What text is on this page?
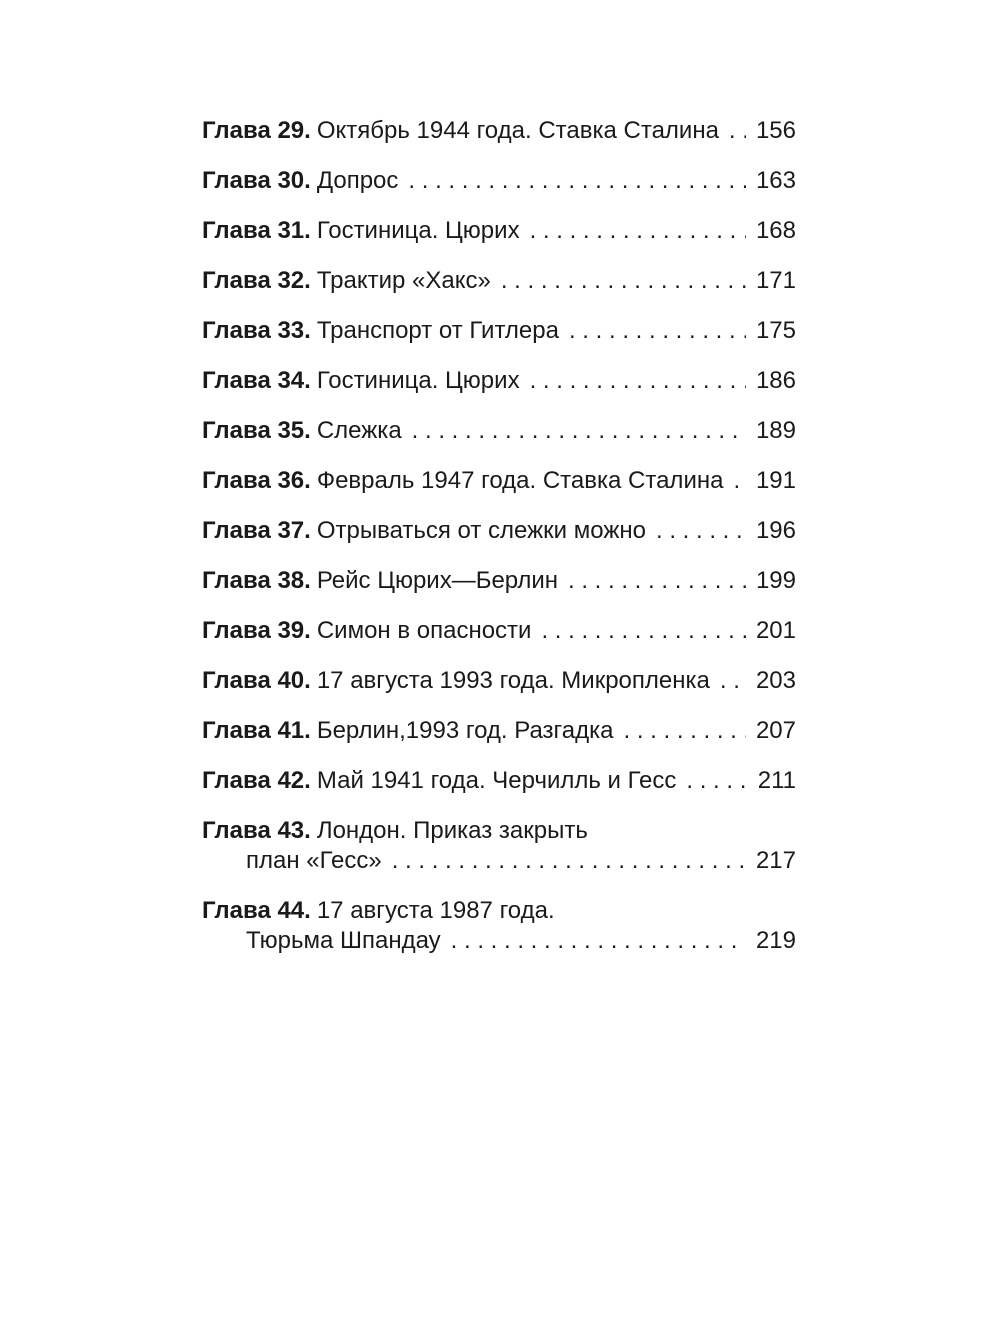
Глава 29. Октябрь 1944 года. Ставка Сталина . . . 156
Глава 30. Допрос . . .	163
Глава 31. Гостиница. Цюрих . . .	168
Глава 32. Трактир «Хакс» . . .	171
Глава 33. Транспорт от Гитлера . . .	175
Глава 34. Гостиница. Цюрих . . .	186
Глава 35. Слежка . . .	189
Глава 36. Февраль 1947 года. Ставка Сталина . . . 191
Глава 37. Отрываться от слежки можно . . .	196
Глава 38. Рейс Цюрих—Берлин . . .	199
Глава 39. Симон в опасности . . .	201
Глава 40. 17 августа 1993 года. Микропленка . . . 203
Глава 41. Берлин,1993 год. Разгадка . . .	207
Глава 42. Май 1941 года. Черчилль и Гесс . . .	211
Глава 43. Лондон. Приказ закрыть
план «Гесс» . . .	217
Глава 44. 17 августа 1987 года.
Тюрьма Шпандау . . .	219
